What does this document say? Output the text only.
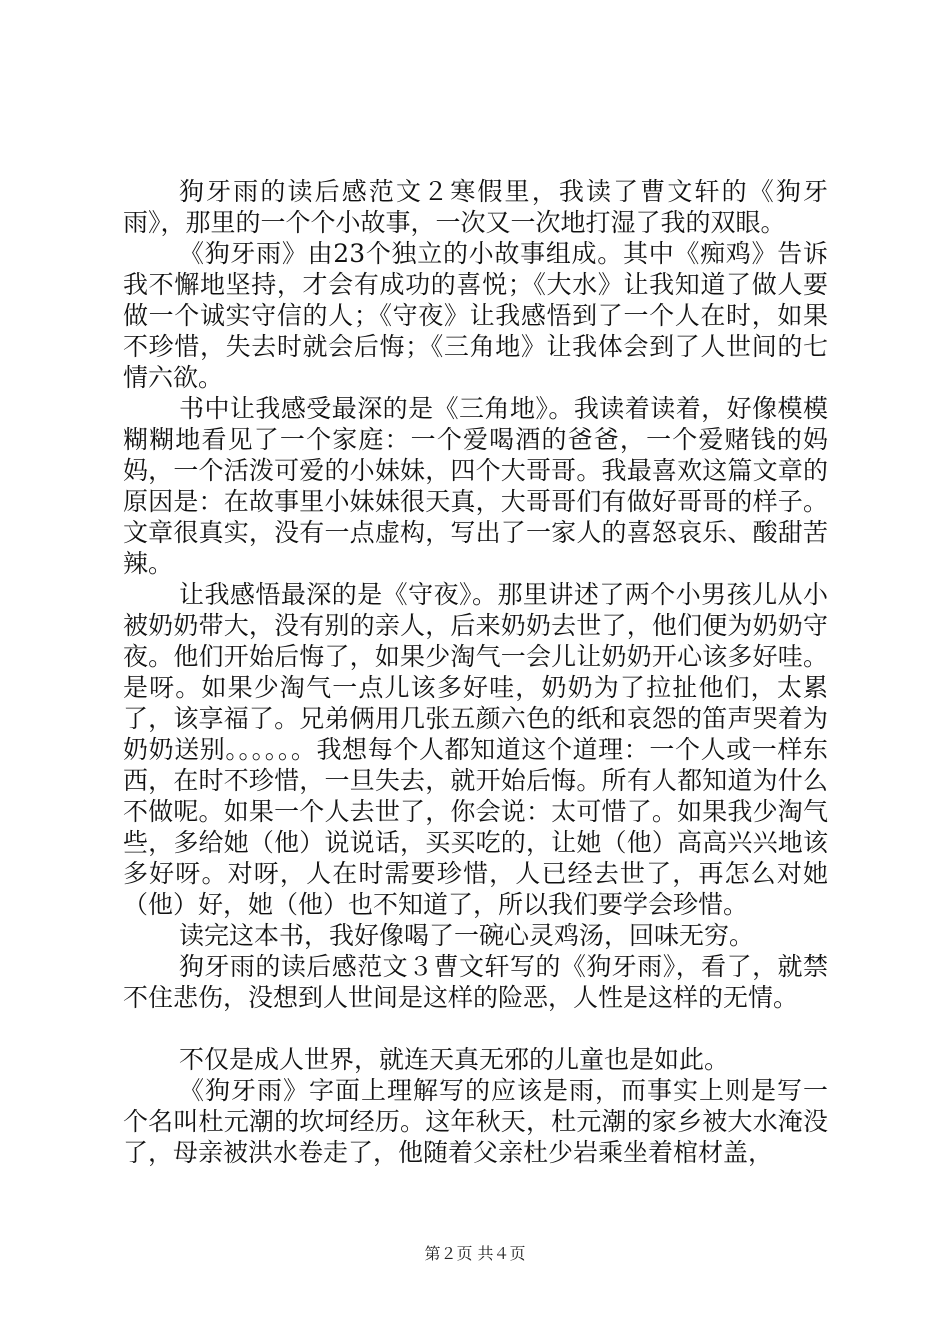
狗牙雨的读后感范文２寒假里，我读了曹文轩的《狗牙雨》，那里的一个个小故事，一次又一次地打湿了我的双眼。

《狗牙雨》由23个独立的小故事组成。其中《痴鸡》告诉我不懈地坚持，才会有成功的喜悦；《大水》让我知道了做人要做一个诚实守信的人；《守夜》让我感悟到了一个人在时，如果不珍惜，失去时就会后悔；《三角地》让我体会到了人世间的七情六欲。

书中让我感受最深的是《三角地》。我读着读着，好像模模糊糊地看见了一个家庭：一个爱喝酒的爸爸，一个爱赌钱的妈妈，一个活泼可爱的小妹妹，四个大哥哥。我最喜欢这篇文章的原因是：在故事里小妹妹很天真，大哥哥们有做好哥哥的样子。文章很真实，没有一点虚构，写出了一家人的喜怒哀乐、酸甜苦辣。

让我感悟最深的是《守夜》。那里讲述了两个小男孩儿从小被奶奶带大，没有别的亲人，后来奶奶去世了，他们便为奶奶守夜。他们开始后悔了，如果少淘气一会儿让奶奶开心该多好哇。是呀。如果少淘气一点儿该多好哇，奶奶为了拉扯他们，太累了，该享福了。兄弟俩用几张五颜六色的纸和哀怨的笛声哭着为奶奶送别。。。。。。我想每个人都知道这个道理：一个人或一样东西，在时不珍惜，一旦失去，就开始后悔。所有人都知道为什么不做呢。如果一个人去世了，你会说：太可惜了。如果我少淘气些，多给她（他）说说话，买买吃的，让她（他）高高兴兴地该多好呀。对呀，人在时需要珍惜，人已经去世了，再怎么对她（他）好，她（他）也不知道了，所以我们要学会珍惜。

读完这本书，我好像喝了一碗心灵鸡汤，回味无穷。

狗牙雨的读后感范文３曹文轩写的《狗牙雨》，看了，就禁不住悲伤，没想到人世间是这样的险恶，人性是这样的无情。

不仅是成人世界，就连天真无邪的儿童也是如此。

《狗牙雨》字面上理解写的应该是雨，而事实上则是写一个名叫杜元潮的坎坷经历。这年秋天，杜元潮的家乡被大水淹没了，母亲被洪水卷走了，他随着父亲杜少岩乘坐着棺材盖，

第２页 共４页
